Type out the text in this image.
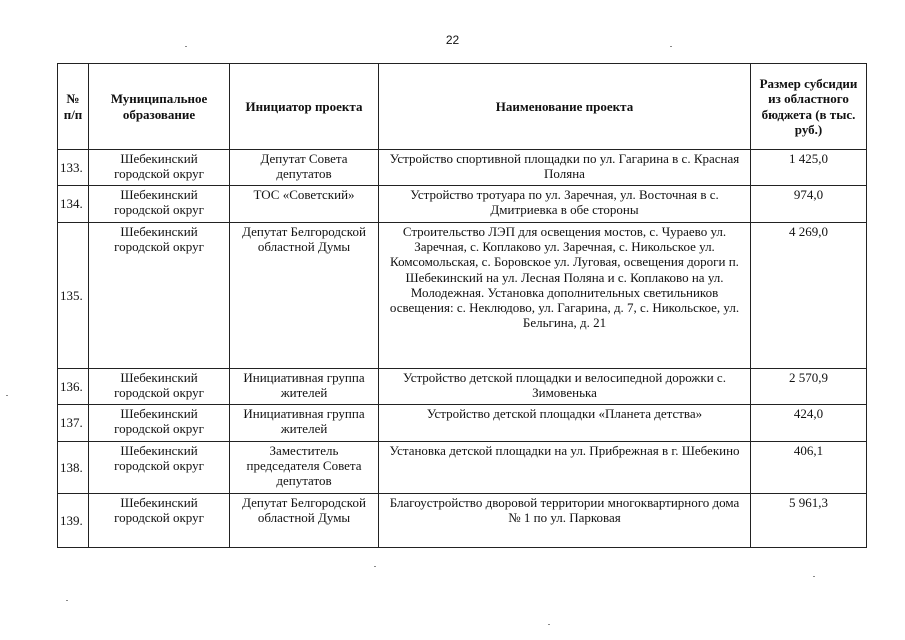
22
№ п/п	Муниципальное образование	Инициатор проекта	Наименование проекта	Размер субсидии из областного бюджета (в тыс. руб.)
133.	Шебекинский городской округ	Депутат Совета депутатов	Устройство спортивной площадки по ул. Гагарина в с. Красная Поляна	1 425,0
134.	Шебекинский городской округ	ТОС «Советский»	Устройство тротуара по ул. Заречная, ул. Восточная в с. Дмитриевка в обе стороны	974,0
135.	Шебекинский городской округ	Депутат Белгородской областной Думы	Строительство ЛЭП для освещения мостов, с. Чураево ул. Заречная, с. Коплаково ул. Заречная, с. Никольское ул. Комсомольская, с. Боровское ул. Луговая, освещения дороги п. Шебекинский на ул. Лесная Поляна и с. Коплаково на ул. Молодежная. Установка дополнительных светильников освещения: с. Неклюдово, ул. Гагарина, д. 7, с. Никольское, ул. Бельгина, д. 21	4 269,0
136.	Шебекинский городской округ	Инициативная группа жителей	Устройство детской площадки и велосипедной дорожки с. Зимовенька	2 570,9
137.	Шебекинский городской округ	Инициативная группа жителей	Устройство детской площадки «Планета детства»	424,0
138.	Шебекинский городской округ	Заместитель председателя Совета депутатов	Установка детской площадки на ул. Прибрежная в г. Шебекино	406,1
139.	Шебекинский городской округ	Депутат Белгородской областной Думы	Благоустройство дворовой территории многоквартирного дома № 1 по ул. Парковая	5 961,3
